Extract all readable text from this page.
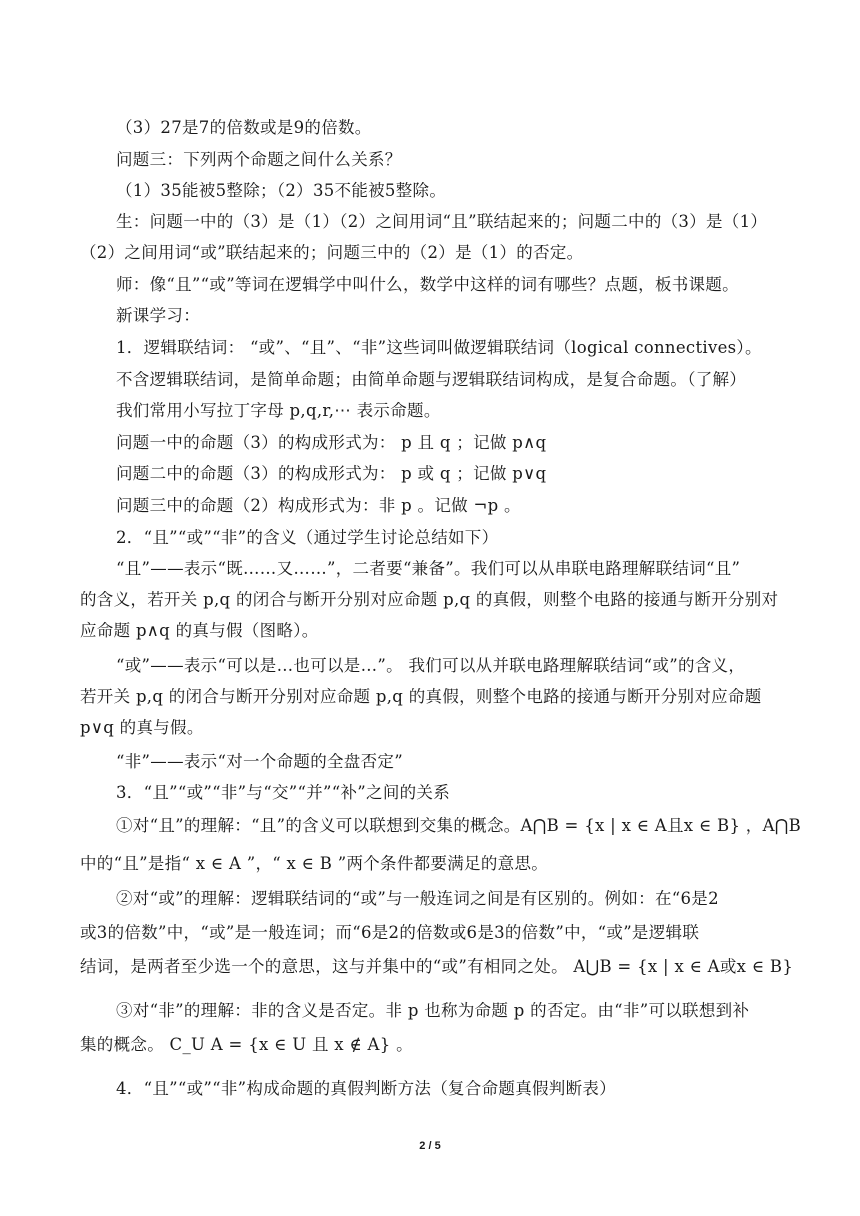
（3）27是7的倍数或是9的倍数。
问题三：下列两个命题之间什么关系？
（1）35能被5整除；（2）35不能被5整除。
生：问题一中的（3）是（1）（2）之间用词“且”联结起来的；问题二中的（3）是（1）
（2）之间用词“或”联结起来的；问题三中的（2）是（1）的否定。
师：像“且”“或”等词在逻辑学中叫什么，数学中这样的词有哪些？点题，板书课题。
新课学习：
1．逻辑联结词： “或”、“且”、“非”这些词叫做逻辑联结词（logical connectives）。
不含逻辑联结词，是简单命题；由简单命题与逻辑联结词构成，是复合命题。（了解）
我们常用小写拉丁字母 p,q,r,⋯ 表示命题。
问题一中的命题（3）的构成形式为： p 且 q ；记做 p∧q
问题二中的命题（3）的构成形式为： p 或 q ；记做 p∨q
问题三中的命题（2）构成形式为：非 p 。记做 ¬p 。
2．“且”“或”“非”的含义（通过学生讨论总结如下）
“且”——表示“既……又……”，二者要“兼备”。我们可以从串联电路理解联结词“且”
的含义，若开关 p,q 的闭合与断开分别对应命题 p,q 的真假，则整个电路的接通与断开分别对
应命题 p∧q 的真与假（图略）。
“或”——表示“可以是…也可以是…”。 我们可以从并联电路理解联结词“或”的含义，
若开关 p,q 的闭合与断开分别对应命题 p,q 的真假，则整个电路的接通与断开分别对应命题
p∨q 的真与假。
“非”——表示“对一个命题的全盘否定”
3．“且”“或”“非”与“交”“并”“补”之间的关系
①对“且”的理解：“且”的含义可以联想到交集的概念。A⋂B = {x | x ∈ A且x ∈ B} ，A⋂B
中的“且”是指“ x ∈ A ”，“ x ∈ B ”两个条件都要满足的意思。
②对“或”的理解：逻辑联结词的“或”与一般连词之间是有区别的。例如：在“6是2
或3的倍数”中，“或”是一般连词；而“6是2的倍数或6是3的倍数”中，“或”是逻辑联
结词，是两者至少选一个的意思，这与并集中的“或”有相同之处。 A⋃B = {x | x ∈ A或x ∈ B}
③对“非”的理解：非的含义是否定。非 p 也称为命题 p 的否定。由“非”可以联想到补
集的概念。 C_U A = {x ∈ U 且 x ∉ A} 。
4．“且”“或”“非”构成命题的真假判断方法（复合命题真假判断表）
2 / 5
